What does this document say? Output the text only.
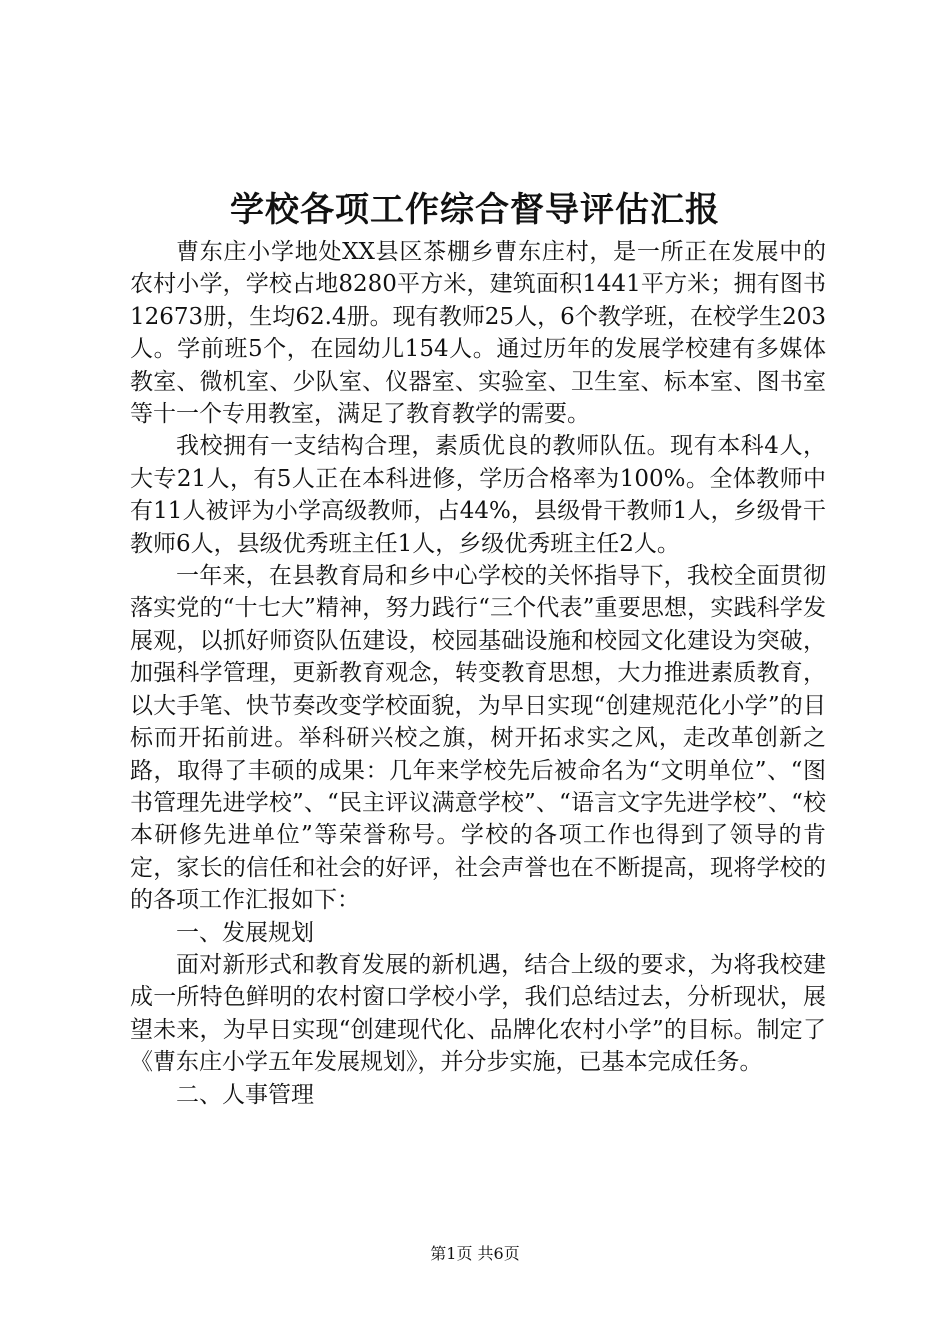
学校各项工作综合督导评估汇报

曹东庄小学地处XX县区茶棚乡曹东庄村，是一所正在发展中的农村小学，学校占地8280平方米，建筑面积1441平方米；拥有图书12673册，生均62.4册。现有教师25人，6个教学班，在校学生203人。学前班5个，在园幼儿154人。通过历年的发展学校建有多媒体教室、微机室、少队室、仪器室、实验室、卫生室、标本室、图书室等十一个专用教室，满足了教育教学的需要。

我校拥有一支结构合理，素质优良的教师队伍。现有本科4人，大专21人，有5人正在本科进修，学历合格率为100%。全体教师中有11人被评为小学高级教师，占44%，县级骨干教师1人，乡级骨干教师6人，县级优秀班主任1人，乡级优秀班主任2人。

一年来，在县教育局和乡中心学校的关怀指导下，我校全面贯彻落实党的“十七大”精神，努力践行“三个代表”重要思想，实践科学发展观，以抓好师资队伍建设，校园基础设施和校园文化建设为突破，加强科学管理，更新教育观念，转变教育思想，大力推进素质教育，以大手笔、快节奏改变学校面貌，为早日实现“创建规范化小学”的目标而开拓前进。举科研兴校之旗，树开拓求实之风，走改革创新之路，取得了丰硕的成果：几年来学校先后被命名为“文明单位”、“图书管理先进学校”、“民主评议满意学校”、“语言文字先进学校”、“校本研修先进单位”等荣誉称号。学校的各项工作也得到了领导的肯定，家长的信任和社会的好评，社会声誉也在不断提高，现将学校的的各项工作汇报如下：

一、发展规划

面对新形式和教育发展的新机遇，结合上级的要求，为将我校建成一所特色鲜明的农村窗口学校小学，我们总结过去，分析现状，展望未来，为早日实现“创建现代化、品牌化农村小学”的目标。制定了《曹东庄小学五年发展规划》，并分步实施，已基本完成任务。

二、人事管理

第1页 共6页
